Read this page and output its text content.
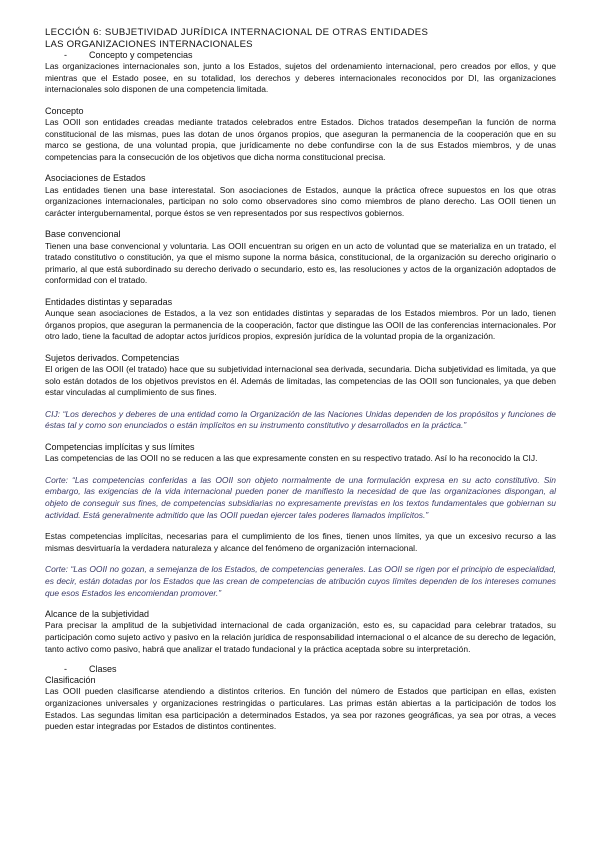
LECCIÓN 6: SUBJETIVIDAD JURÍDICA INTERNACIONAL DE OTRAS ENTIDADES

LAS ORGANIZACIONES INTERNACIONALES

- Concepto y competencias

Las organizaciones internacionales son, junto a los Estados, sujetos del ordenamiento internacional, pero creados por ellos, y que mientras que el Estado posee, en su totalidad, los derechos y deberes internacionales reconocidos por DI, las organizaciones internacionales solo disponen de una competencia limitada.

Concepto

Las OOII son entidades creadas mediante tratados celebrados entre Estados. Dichos tratados desempeñan la función de norma constitucional de las mismas, pues las dotan de unos órganos propios, que aseguran la permanencia de la cooperación que en su marco se gestiona, de una voluntad propia, que jurídicamente no debe confundirse con la de sus Estados miembros, y de unas competencias para la consecución de los objetivos que dicha norma constitucional precisa.

Asociaciones de Estados

Las entidades tienen una base interestatal. Son asociaciones de Estados, aunque la práctica ofrece supuestos en los que otras organizaciones internacionales, participan no solo como observadores sino como miembros de plano derecho. Las OOII tienen un carácter intergubernamental, porque éstos se ven representados por sus respectivos gobiernos.

Base convencional

Tienen una base convencional y voluntaria. Las OOII encuentran su origen en un acto de voluntad que se materializa en un tratado, el tratado constitutivo o constitución, ya que el mismo supone la norma básica, constitucional, de la organización su derecho originario o primario, al que está subordinado su derecho derivado o secundario, esto es, las resoluciones y actos de la organización adoptados de conformidad con el tratado.

Entidades distintas y separadas

Aunque sean asociaciones de Estados, a la vez son entidades distintas y separadas de los Estados miembros. Por un lado, tienen órganos propios, que aseguran la permanencia de la cooperación, factor que distingue las OOII de las conferencias internacionales. Por otro lado, tiene la facultad de adoptar actos jurídicos propios, expresión jurídica de la voluntad propia de la organización.

Sujetos derivados. Competencias

El origen de las OOII (el tratado) hace que su subjetividad internacional sea derivada, secundaria. Dicha subjetividad es limitada, ya que solo están dotados de los objetivos previstos en él. Además de limitadas, las competencias de las OOII son funcionales, ya que deben estar vinculadas al cumplimiento de sus fines.

CIJ: “Los derechos y deberes de una entidad como la Organización de las Naciones Unidas dependen de los propósitos y funciones de éstas tal y como son enunciados o están implícitos en su instrumento constitutivo y desarrollados en la práctica.”

Competencias implícitas y sus límites

Las competencias de las OOII no se reducen a las que expresamente consten en su respectivo tratado. Así lo ha reconocido la CIJ.

Corte: “Las competencias conferidas a las OOII son objeto normalmente de una formulación expresa en su acto constitutivo. Sin embargo, las exigencias de la vida internacional pueden poner de manifiesto la necesidad de que las organizaciones dispongan, al objeto de conseguir sus fines, de competencias subsidiarias no expresamente previstas en los textos fundamentales que gobiernan su actividad. Está generalmente admitido que las OOII puedan ejercer tales poderes llamados implícitos.”

Estas competencias implícitas, necesarias para el cumplimiento de los fines, tienen unos límites, ya que un excesivo recurso a las mismas desvirtuaría la verdadera naturaleza y alcance del fenómeno de organización internacional.

Corte: “Las OOII no gozan, a semejanza de los Estados, de competencias generales. Las OOII se rigen por el principio de especialidad, es decir, están dotadas por los Estados que las crean de competencias de atribución cuyos límites dependen de los intereses comunes que esos Estados les encomiendan promover.”

Alcance de la subjetividad

Para precisar la amplitud de la subjetividad internacional de cada organización, esto es, su capacidad para celebrar tratados, su participación como sujeto activo y pasivo en la relación jurídica de responsabilidad internacional o el alcance de su derecho de legación, tanto activo como pasivo, habrá que analizar el tratado fundacional y la práctica aceptada sobre su interpretación.

- Clases

Clasificación

Las OOII pueden clasificarse atendiendo a distintos criterios. En función del número de Estados que participan en ellas, existen organizaciones universales y organizaciones restringidas o particulares. Las primas están abiertas a la participación de todos los Estados. Las segundas limitan esa participación a determinados Estados, ya sea por razones geográficas, ya sea por otras, a veces pueden estar integradas por Estados de distintos continentes.
